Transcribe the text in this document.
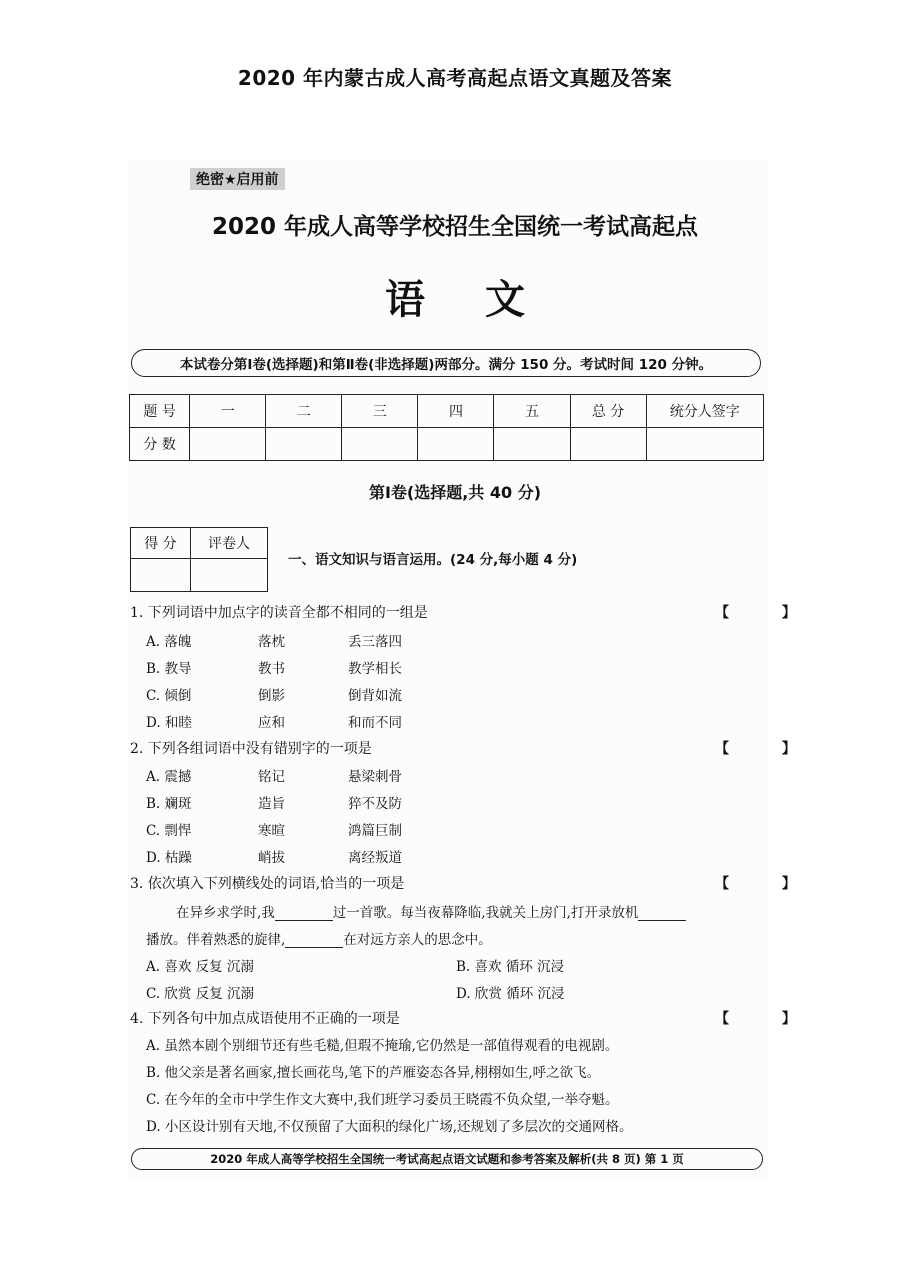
2020 年内蒙古成人高考高起点语文真题及答案
绝密★启用前
2020 年成人高等学校招生全国统一考试高起点
语文
本试卷分第Ⅰ卷(选择题)和第Ⅱ卷(非选择题)两部分。满分 150 分。考试时间 120 分钟。
题 号	一	二	三	四	五	总 分	统分人签字
分 数							
第Ⅰ卷(选择题,共 40 分)
得 分	评卷人

一、语文知识与语言运用。(24 分,每小题 4 分)
1. 下列词语中加点字的读音全都不相同的一组是	【 】
A. 落魄	落枕	丢三落四
B. 教导	教书	教学相长
C. 倾倒	倒影	倒背如流
D. 和睦	应和	和而不同
2. 下列各组词语中没有错别字的一项是	【 】
A. 震撼	铭记	悬梁刺骨
B. 斓斑	造旨	猝不及防
C. 剽悍	寒暄	鸿篇巨制
D. 枯躁	峭拔	离经叛道
3. 依次填入下列横线处的词语,恰当的一项是	【 】
在异乡求学时,我	过一首歌。每当夜幕降临,我就关上房门,打开录放机
播放。伴着熟悉的旋律,	在对远方亲人的思念中。
A. 喜欢 反复 沉溺	B. 喜欢 循环 沉浸
C. 欣赏 反复 沉溺	D. 欣赏 循环 沉浸
4. 下列各句中加点成语使用不正确的一项是	【 】
A. 虽然本剧个别细节还有些毛糙,但瑕不掩瑜,它仍然是一部值得观看的电视剧。
B. 他父亲是著名画家,擅长画花鸟,笔下的芦雁姿态各异,栩栩如生,呼之欲飞。
C. 在今年的全市中学生作文大赛中,我们班学习委员王晓霞不负众望,一举夺魁。
D. 小区设计别有天地,不仅预留了大面积的绿化广场,还规划了多层次的交通网格。
2020 年成人高等学校招生全国统一考试高起点语文试题和参考答案及解析(共 8 页) 第 1 页
